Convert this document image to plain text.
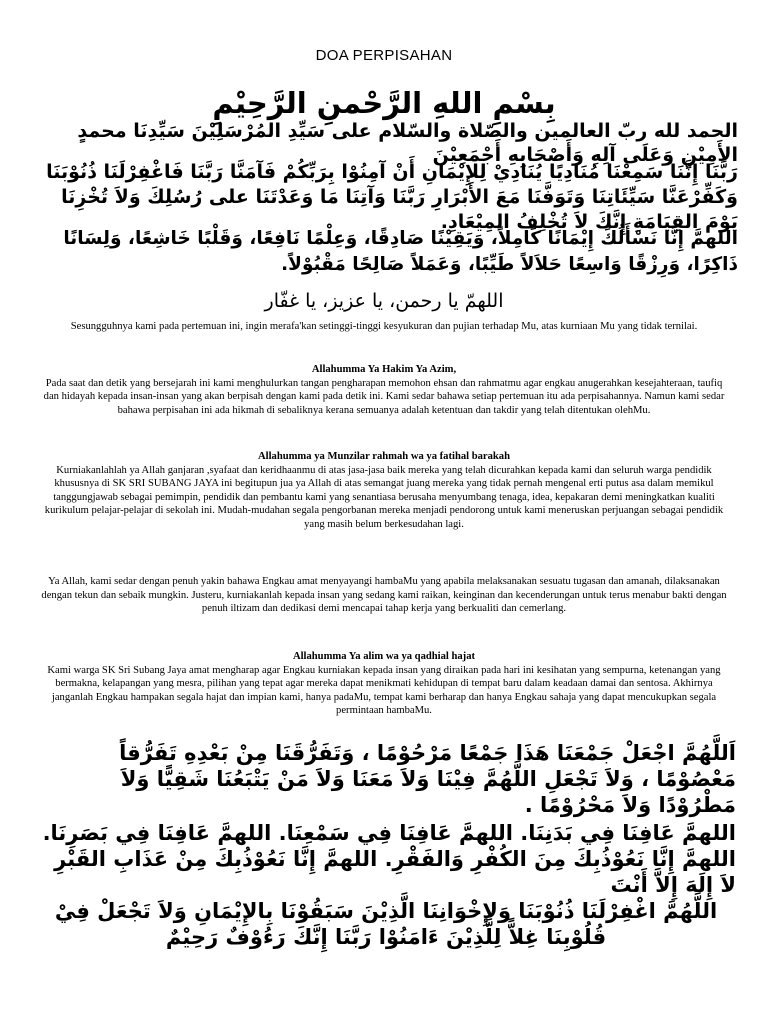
DOA PERPISAHAN
بِسْمِ اللهِ الرَّحْمنِ الرَّحِيْمِ

الحمد لله ربّ العالمين والصّلاة والسّلام على سَيِّدِ المُرْسَلِيْنَ سَيِّدِنَا محمدٍ الأَمِيْنِ وَعَلَى آلِهِ وَأَصْحَابِهِ أَجْمَعِيْنَ

رَبَّنَا إِنَّنَا سَمِعْنَا مُنَادِيًا يُنَادِيْ لِلإِيْمَانِ أَنْ آمِنُوْا بِرَبِّكُمْ فَآمَنَّا رَبَّنَا فَاغْفِرْلَنَا ذُنُوْبَنَا وَكَفِّرْعَنَّا سَيِّئَاتِنَا وَتَوَفَّنَا مَعَ الأَبْرَارِ رَبَّنَا وَآتِنَا مَا وَعَدْتَنَا على رُسُلِكَ وَلاَ تُخْزِنَا يَوْمَ القِيَامَةِ إِنَّكَ لاَ تُخْلِفُ المِيْعَادِ.

اللهمَّ إِنَّا نَسْأَلُكَ إِيْمَانًا كَامِلاً، وَيَقِيْنًا صَادِقًا، وَعِلْمًا نَافِعًا، وَقَلْبًا خَاشِعًا، وَلِسَانًا ذَاكِرًا، وَرِزْقًا وَاسِعًا حَلاَلاً طَيِّبًا، وَعَمَلاً صَالِحًا مَقْبُوْلاً.

اللهمّ يا رحمن، يا عزيز، يا غفّار

Sesungguhnya kami pada pertemuan ini, ingin merafa'kan setinggi-tinggi kesyukuran dan pujian terhadap Mu, atas kurniaan Mu yang tidak ternilai.

Allahumma Ya Hakim Ya Azim,

Pada saat dan detik yang bersejarah ini kami menghulurkan tangan pengharapan memohon ehsan dan rahmatmu agar engkau anugerahkan kesejahteraan, taufiq dan hidayah kepada insan-insan yang akan berpisah dengan kami pada detik ini. Kami sedar bahawa setiap pertemuan itu ada perpisahannya. Namun kami sedar bahawa perpisahan ini ada hikmah di sebaliknya kerana semuanya adalah ketentuan dan takdir yang telah ditentukan olehMu.

Allahumma ya Munzilar rahmah wa ya fatihal barakah

Kurniakanlahlah ya Allah ganjaran ,syafaat dan keridhaanmu di atas jasa-jasa baik mereka yang telah dicurahkan kepada kami dan seluruh warga pendidik khususnya di SK SRI SUBANG JAYA ini begitupun jua ya Allah di atas semangat juang mereka yang tidak pernah mengenal erti putus asa dalam memikul tanggungjawab sebagai pemimpin, pendidik dan pembantu kami yang senantiasa berusaha menyumbang tenaga, idea, kepakaran demi meningkatkan kualiti kurikulum pelajar-pelajar di sekolah ini. Mudah-mudahan segala pengorbanan mereka menjadi pendorong untuk kami meneruskan perjuangan sebagai pendidik yang masih belum berkesudahan lagi.

Ya Allah, kami sedar dengan penuh yakin bahawa Engkau amat menyayangi hambaMu yang apabila melaksanakan sesuatu tugasan dan amanah, dilaksanakan dengan tekun dan sebaik mungkin. Justeru, kurniakanlah kepada insan yang sedang kami raikan, keinginan dan kecenderungan untuk terus menabur bakti dengan penuh iltizam dan dedikasi demi mencapai tahap kerja yang berkualiti dan cemerlang.

Allahumma Ya alim wa ya qadhial hajat

Kami warga SK Sri Subang Jaya amat mengharap agar Engkau kurniakan kepada insan yang diraikan pada hari ini kesihatan yang sempurna, ketenangan yang bermakna, kelapangan yang mesra, pilihan yang tepat agar mereka dapat menikmati kehidupan di tempat baru dalam keadaan damai dan sentosa. Akhirnya janganlah Engkau hampakan segala hajat dan impian kami, hanya padaMu, tempat kami berharap dan hanya Engkau sahaja yang dapat mencukupkan segala permintaan hambaMu.

اَللَّهُمَّ اجْعَلْ جَمْعَنَا هَذَا جَمْعًا مَرْحُوْمًا ، وَتَفَرُّقَنَا مِنْ بَعْدِهِ تَفَرُّقاً مَعْصُوْمًا ، وَلاَ تَجْعَلِ اللَّهُمَّ فِيْنَا وَلاَ مَعَنَا وَلاَ مَنْ يَتْبَعُنَا شَقِيًّا وَلاَ مَطْرُوْدًا وَلاَ مَحْرُوْمًا .

اللهمَّ عَافِنَا فِي بَدَنِنَا. اللهمَّ عَافِنَا فِي سَمْعِنَا. اللهمَّ عَافِنَا فِي بَصَرِنَا. اللهمَّ إِنَّا نَعُوْذُبِكَ مِنَ الكُفْرِ وَالفَقْرِ. اللهمَّ إِنَّا نَعُوْذُبِكَ مِنْ عَذَابِ القَبْرِ لاَ إِلَهَ إِلاَّ أَنْتَ

اللَّهُمَّ اغْفِرْلَنَا ذُنُوْبَنَا وَلإِخْوَانِنَا الَّذِيْنَ سَبَقُوْنَا بِالإِيْمَانِ وَلاَ تَجْعَلْ فِيْ قُلُوْبِنَا غِلاًّ لِلَّذِيْنَ ءَامَنُوْا رَبَّنَا إِنَّكَ رَءُوْفٌ رَحِيْمٌ
